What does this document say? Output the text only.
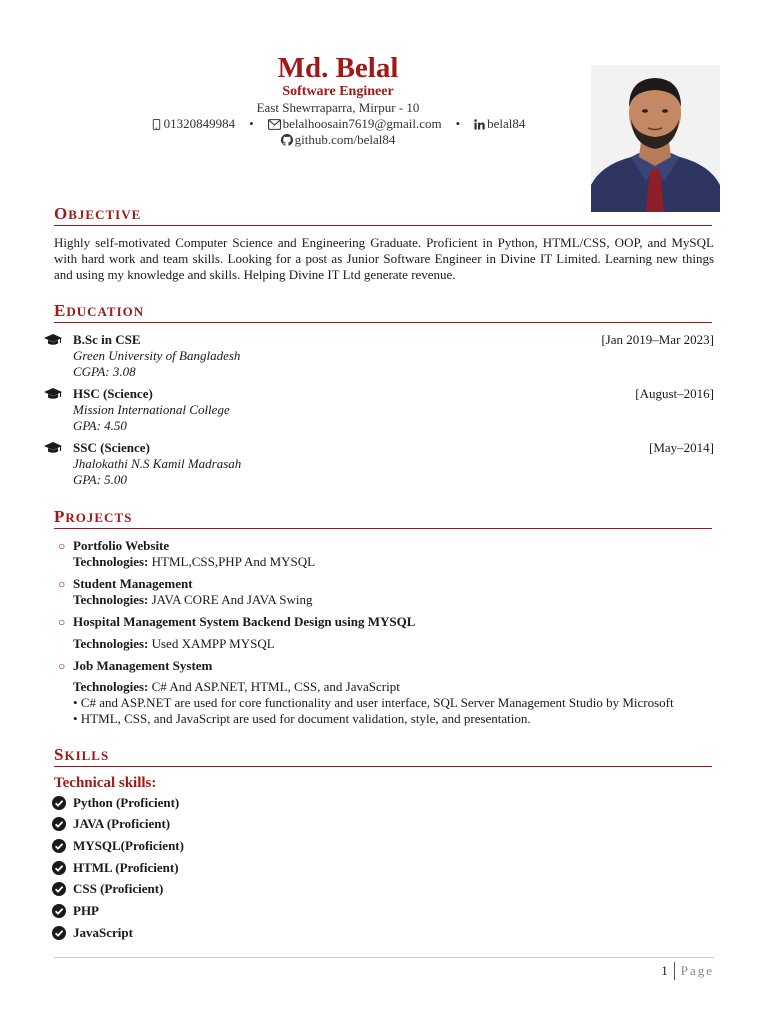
Md. Belal
Software Engineer
East Shewrraparra, Mirpur - 10
01320849984	•	belalhoosain7619@gmail.com	•	belal84
github.com/belal84
OBJECTIVE
Highly self-motivated Computer Science and Engineering Graduate. Proficient in Python, HTML/CSS, OOP, and MySQL with hard work and team skills. Looking for a post as Junior Software Engineer in Divine IT Limited. Learning new things and using my knowledge and skills. Helping Divine IT Ltd generate revenue.
EDUCATION
B.Sc in CSE	[Jan 2019–Mar 2023]
Green University of Bangladesh
CGPA: 3.08
HSC (Science)	[August–2016]
Mission International College
GPA: 4.50
SSC (Science)	[May–2014]
Jhalokathi N.S Kamil Madrasah
GPA: 5.00
PROJECTS
○ Portfolio Website
Technologies: HTML,CSS,PHP And MYSQL
○ Student Management
Technologies: JAVA CORE And JAVA Swing
○ Hospital Management System Backend Design using MYSQL
Technologies: Used XAMPP MYSQL
○ Job Management System
Technologies: C# And ASP.NET, HTML, CSS, and JavaScript
• C# and ASP.NET are used for core functionality and user interface, SQL Server Management Studio by Microsoft
• HTML, CSS, and JavaScript are used for document validation, style, and presentation.
SKILLS
Technical skills:
Python (Proficient)
JAVA (Proficient)
MYSQL(Proficient)
HTML (Proficient)
CSS (Proficient)
PHP
JavaScript
1 Page
